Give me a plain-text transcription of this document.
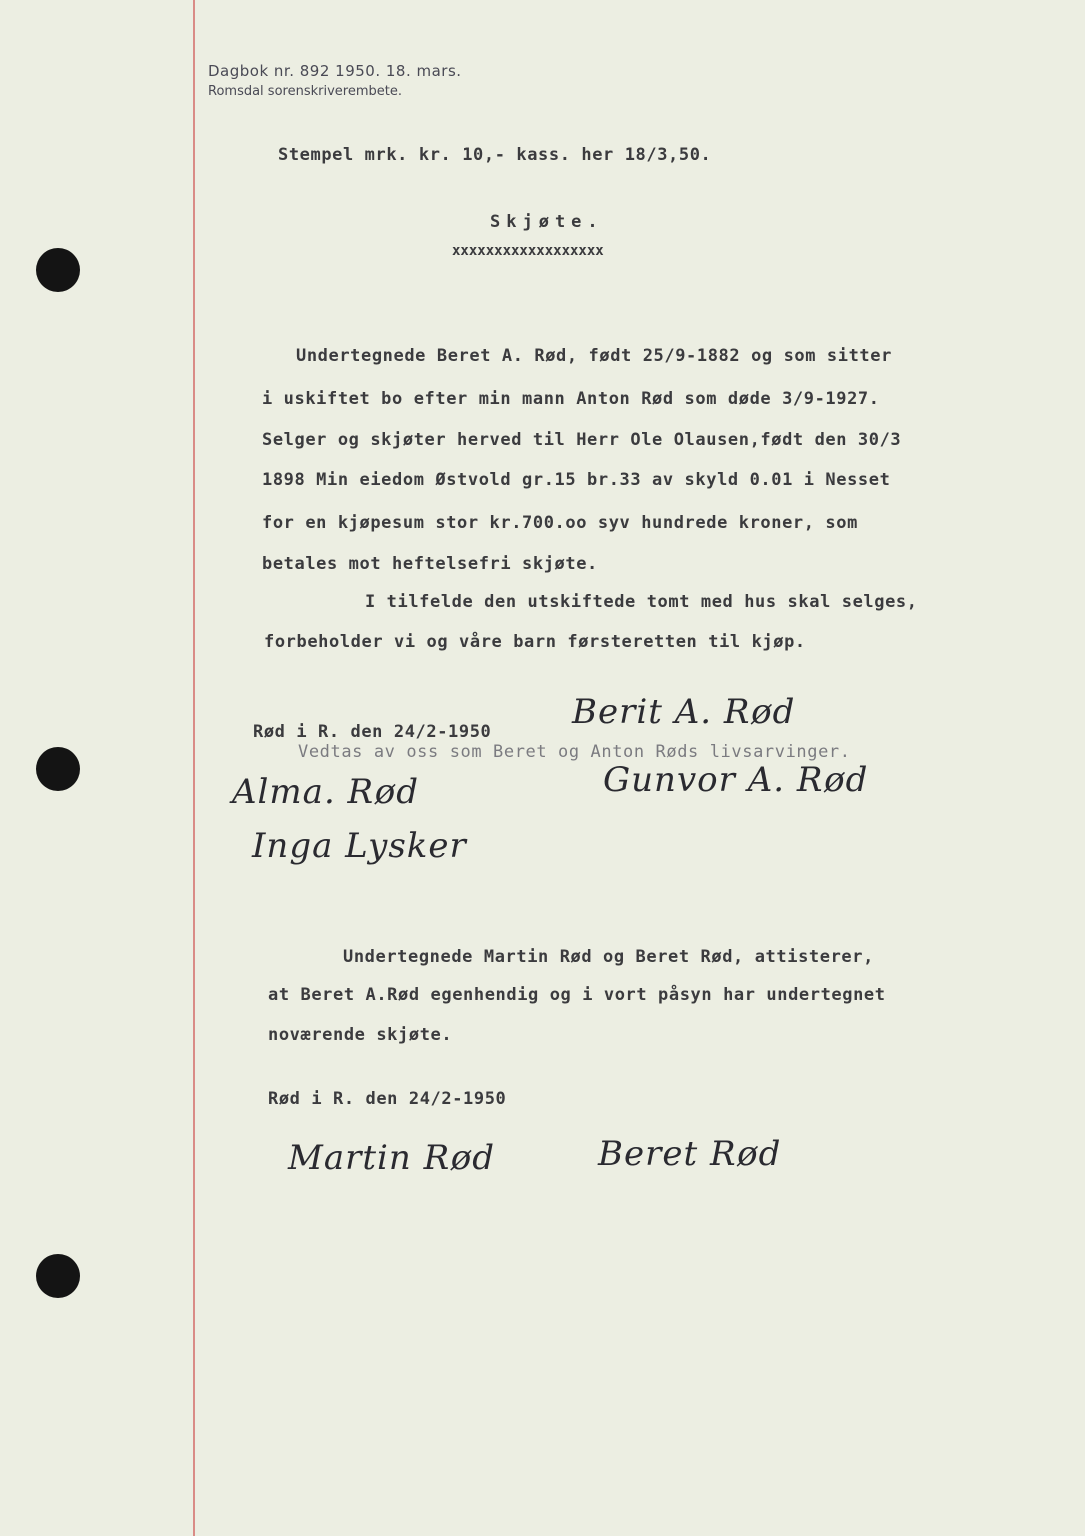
Dagbok nr. 892 1950. 18. mars.
Romsdal sorenskriverembete.
Stempel mrk. kr. 10,- kass. her 18/3,50.
Skjøte.
xxxxxxxxxxxxxxxxxx
Undertegnede Beret A. Rød, født 25/9-1882 og som sitter
i uskiftet bo efter min mann Anton Rød som døde 3/9-1927.
Selger og skjøter herved til Herr Ole Olausen,født den 30/3
1898 Min eiedom Østvold gr.15 br.33 av skyld 0.01 i Nesset
for en kjøpesum stor kr.700.oo syv hundrede kroner, som
betales mot heftelsefri skjøte.
I tilfelde den utskiftede tomt med hus skal selges,
forbeholder vi og våre barn førsteretten til kjøp.
Rød i R. den 24/2-1950 Berit A. Rød
Vedtas av oss som Beret og Anton Røds livsarvinger.
Alma. Rød	Gunvor A. Rød
Inga Lysker
Undertegnede Martin Rød og Beret Rød, attisterer,
at Beret A.Rød egenhendig og i vort påsyn har undertegnet
noværende skjøte.
Rød i R. den 24/2-1950
Martin Rød	Beret Rød
